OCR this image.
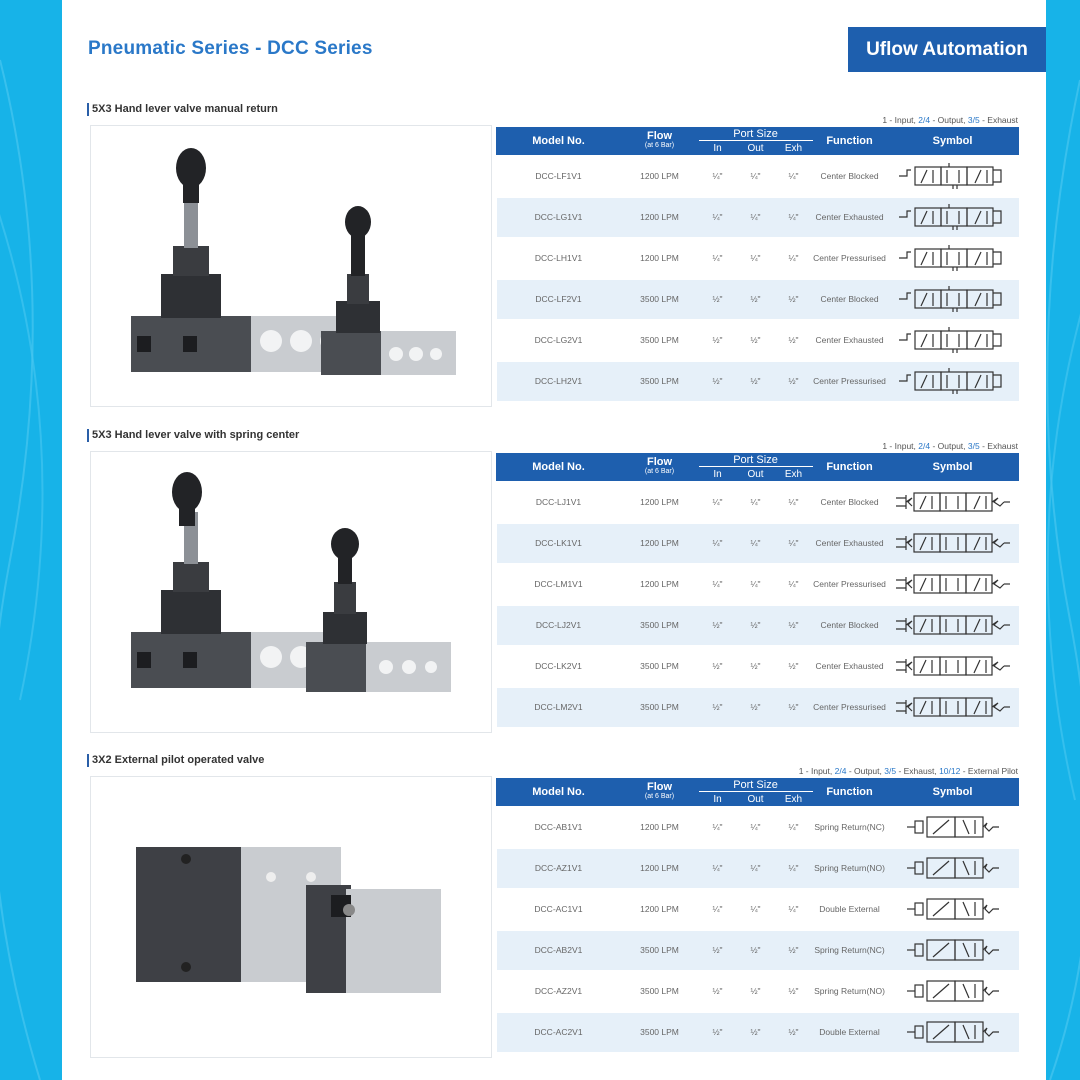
Pneumatic Series - DCC Series	Uflow Automation
5X3 Hand lever valve manual return
1 - Input, 2/4 - Output, 3/5 - Exhaust
Model No.	Flow
(at 6 Bar)	Port Size			Function	Symbol
		In	Out	Exh		

DCC-LF1V1	1200 LPM	¼"	¼"	¼"	Center Blocked	

DCC-LG1V1	1200 LPM	¼"	¼"	¼"	Center Exhausted	

DCC-LH1V1	1200 LPM	¼"	¼"	¼"	Center Pressurised	

DCC-LF2V1	3500 LPM	½"	½"	½"	Center Blocked	

DCC-LG2V1	3500 LPM	½"	½"	½"	Center Exhausted	

DCC-LH2V1	3500 LPM	½"	½"	½"	Center Pressurised	
5X3 Hand lever valve with spring center
1 - Input, 2/4 - Output, 3/5 - Exhaust
Model No.	Flow
(at 6 Bar)	Port Size			Function	Symbol
		In	Out	Exh		

DCC-LJ1V1	1200 LPM	¼"	¼"	¼"	Center Blocked	

DCC-LK1V1	1200 LPM	¼"	¼"	¼"	Center Exhausted	

DCC-LM1V1	1200 LPM	¼"	¼"	¼"	Center Pressurised	

DCC-LJ2V1	3500 LPM	½"	½"	½"	Center Blocked	

DCC-LK2V1	3500 LPM	½"	½"	½"	Center Exhausted	

DCC-LM2V1	3500 LPM	½"	½"	½"	Center Pressurised	
3X2 External pilot operated valve
1 - Input, 2/4 - Output, 3/5 - Exhaust, 10/12 - External Pilot
Model No.	Flow
(at 6 Bar)	Port Size			Function	Symbol
		In	Out	Exh		

DCC-AB1V1	1200 LPM	¼"	¼"	¼"	Spring Return(NC)	

DCC-AZ1V1	1200 LPM	¼"	¼"	¼"	Spring Return(NO)	

DCC-AC1V1	1200 LPM	¼"	¼"	¼"	Double External	

DCC-AB2V1	3500 LPM	½"	½"	½"	Spring Return(NC)	

DCC-AZ2V1	3500 LPM	½"	½"	½"	Spring Return(NO)	

DCC-AC2V1	3500 LPM	½"	½"	½"	Double External	
